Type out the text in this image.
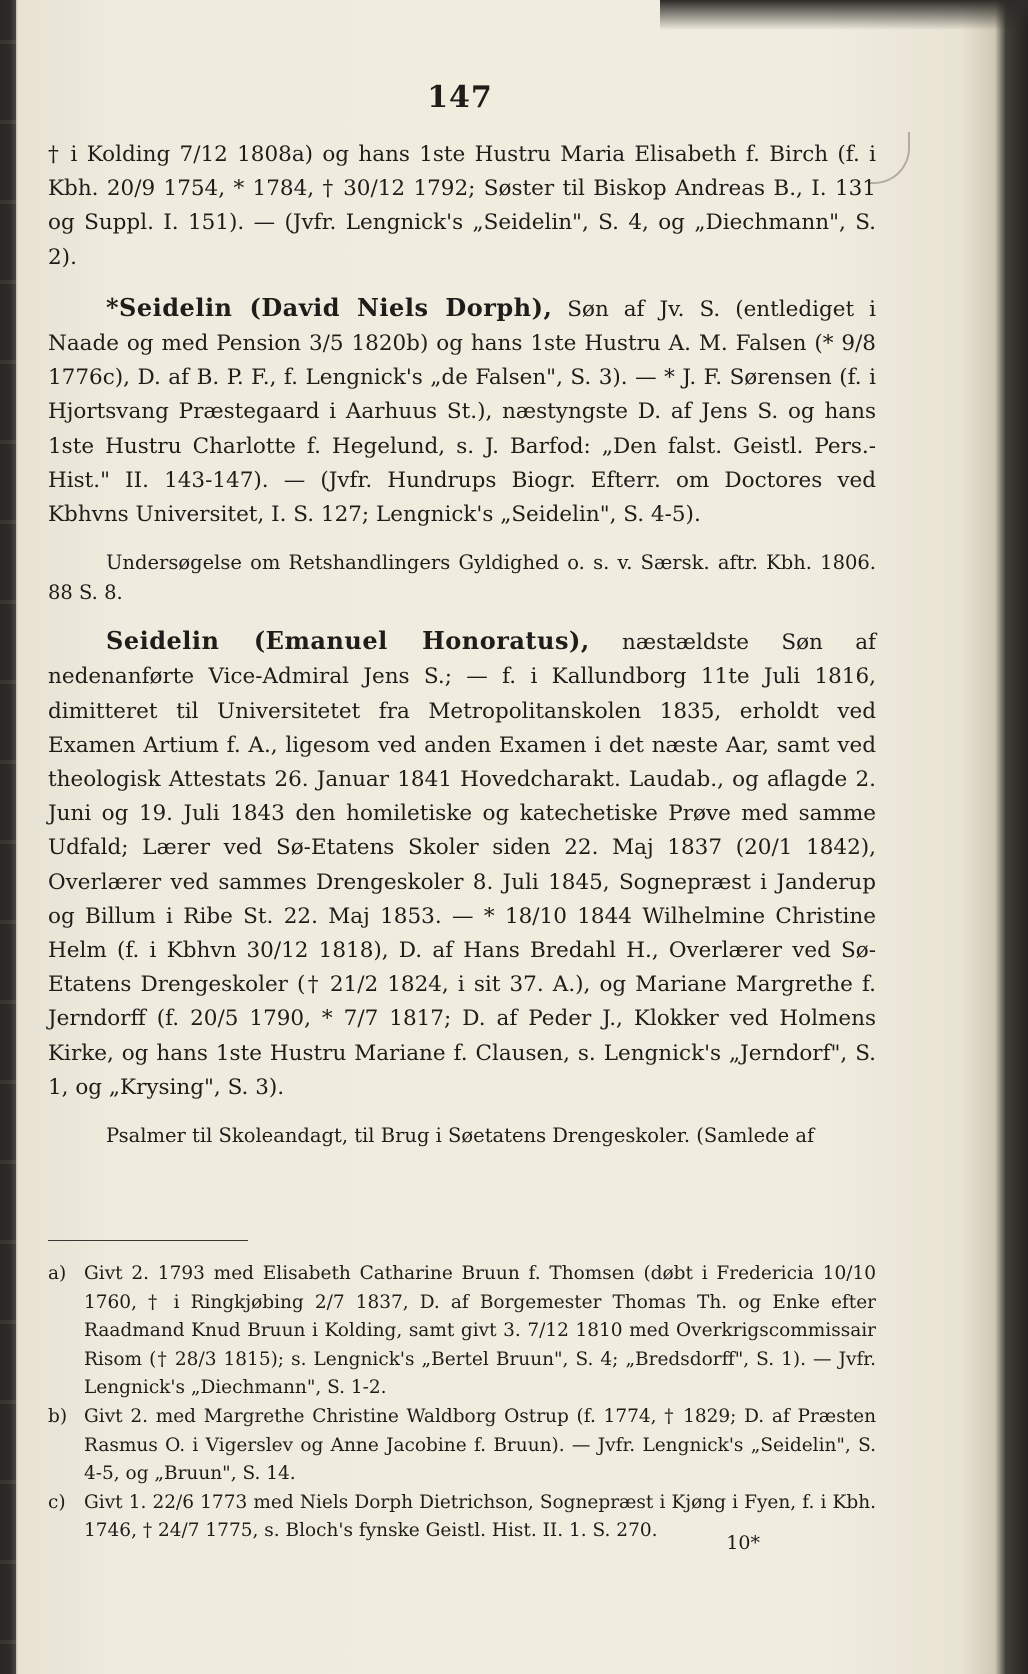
147

† i Kolding 7/12 1808a) og hans 1ste Hustru Maria Elisabeth f. Birch (f. i Kbh. 20/9 1754, * 1784, † 30/12 1792; Søster til Biskop Andreas B., I. 131 og Suppl. I. 151). — (Jvfr. Lengnick's „Seidelin", S. 4, og „Diechmann", S. 2).

*Seidelin (David Niels Dorph), Søn af Jv. S. (entlediget i Naade og med Pension 3/5 1820b) og hans 1ste Hustru A. M. Falsen (* 9/8 1776c), D. af B. P. F., f. Lengnick's „de Falsen", S. 3). — * J. F. Sørensen (f. i Hjortsvang Præstegaard i Aarhuus St.), næstyngste D. af Jens S. og hans 1ste Hustru Charlotte f. Hegelund, s. J. Barfod: „Den falst. Geistl. Pers.-Hist." II. 143-147). — (Jvfr. Hundrups Biogr. Efterr. om Doctores ved Kbhvns Universitet, I. S. 127; Lengnick's „Seidelin", S. 4-5).

Undersøgelse om Retshandlingers Gyldighed o. s. v. Særsk. aftr. Kbh. 1806. 88 S. 8.

Seidelin (Emanuel Honoratus), næstældste Søn af nedenanførte Vice-Admiral Jens S.; — f. i Kallundborg 11te Juli 1816, dimitteret til Universitetet fra Metropolitanskolen 1835, erholdt ved Examen Artium f. A., ligesom ved anden Examen i det næste Aar, samt ved theologisk Attestats 26. Januar 1841 Hovedcharakt. Laudab., og aflagde 2. Juni og 19. Juli 1843 den homiletiske og katechetiske Prøve med samme Udfald; Lærer ved Sø-Etatens Skoler siden 22. Maj 1837 (20/1 1842), Overlærer ved sammes Drengeskoler 8. Juli 1845, Sognepræst i Janderup og Billum i Ribe St. 22. Maj 1853. — * 18/10 1844 Wilhelmine Christine Helm (f. i Kbhvn 30/12 1818), D. af Hans Bredahl H., Overlærer ved Sø-Etatens Drengeskoler († 21/2 1824, i sit 37. A.), og Mariane Margrethe f. Jerndorff (f. 20/5 1790, * 7/7 1817; D. af Peder J., Klokker ved Holmens Kirke, og hans 1ste Hustru Mariane f. Clausen, s. Lengnick's „Jerndorf", S. 1, og „Krysing", S. 3).

Psalmer til Skoleandagt, til Brug i Søetatens Drengeskoler. (Samlede af

a) Givt 2. 1793 med Elisabeth Catharine Bruun f. Thomsen (døbt i Fredericia 10/10 1760, † i Ringkjøbing 2/7 1837, D. af Borgemester Thomas Th. og Enke efter Raadmand Knud Bruun i Kolding, samt givt 3. 7/12 1810 med Overkrigscommissair Risom († 28/3 1815); s. Lengnick's „Bertel Bruun", S. 4; „Bredsdorff", S. 1). — Jvfr. Lengnick's „Diechmann", S. 1-2.
b) Givt 2. med Margrethe Christine Waldborg Ostrup (f. 1774, † 1829; D. af Præsten Rasmus O. i Vigerslev og Anne Jacobine f. Bruun). — Jvfr. Lengnick's „Seidelin", S. 4-5, og „Bruun", S. 14.
c) Givt 1. 22/6 1773 med Niels Dorph Dietrichson, Sognepræst i Kjøng i Fyen, f. i Kbh. 1746, † 24/7 1775, s. Bloch's fynske Geistl. Hist. II. 1. S. 270.
10*
